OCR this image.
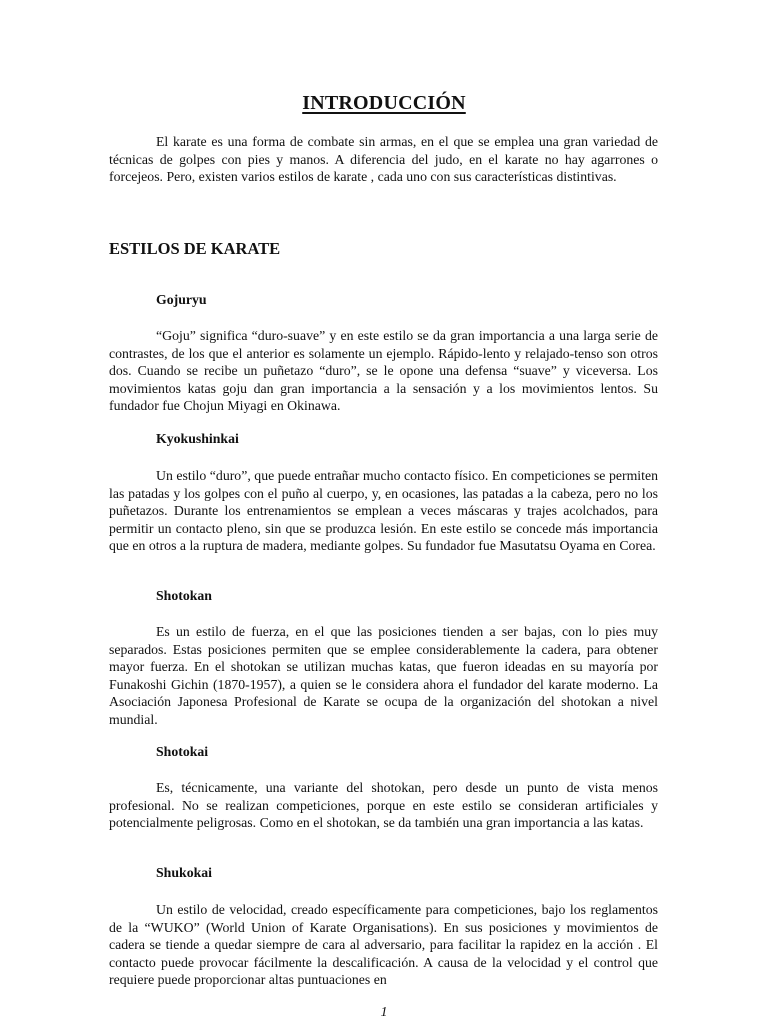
INTRODUCCIÓN

El karate es una forma de combate sin armas, en el que se emplea una gran variedad de técnicas de golpes con pies y manos. A diferencia del judo, en el karate no hay agarrones o forcejeos. Pero, existen varios estilos de karate , cada uno con sus características distintivas.

ESTILOS DE KARATE
Gojuryu

“Goju” significa “duro-suave” y en este estilo se da gran importancia a una larga serie de contrastes, de los que el anterior es solamente un ejemplo. Rápido-lento y relajado-tenso son otros dos. Cuando se recibe un puñetazo “duro”, se le opone una defensa “suave” y viceversa. Los movimientos katas goju dan gran importancia a la sensación y a los movimientos lentos. Su fundador fue Chojun Miyagi en Okinawa.

Kyokushinkai

Un estilo “duro”, que puede entrañar mucho contacto físico. En competiciones se permiten las patadas y los golpes con el puño al cuerpo, y, en ocasiones, las patadas a la cabeza, pero no los puñetazos. Durante los entrenamientos se emplean a veces máscaras y trajes acolchados, para permitir un contacto pleno, sin que se produzca lesión. En este estilo se concede más importancia que en otros a la ruptura de madera, mediante golpes. Su fundador fue Masutatsu Oyama en Corea.

Shotokan

Es un estilo de fuerza, en el que las posiciones tienden a ser bajas, con lo pies muy separados. Estas posiciones permiten que se emplee considerablemente la cadera, para obtener mayor fuerza. En el shotokan se utilizan muchas katas, que fueron ideadas en su mayoría por Funakoshi Gichin (1870-1957), a quien se le considera ahora el fundador del karate moderno. La Asociación Japonesa Profesional de Karate se ocupa de la organización del shotokan a nivel mundial.

Shotokai

Es, técnicamente, una variante del shotokan, pero desde un punto de vista menos profesional. No se realizan competiciones, porque en este estilo se consideran artificiales y potencialmente peligrosas. Como en el shotokan, se da también una gran importancia a las katas.

Shukokai

Un estilo de velocidad, creado específicamente para competiciones, bajo los reglamentos de la “WUKO” (World Union of Karate Organisations). En sus posiciones y movimientos de cadera se tiende a quedar siempre de cara al adversario, para facilitar la rapidez en la acción . El contacto puede provocar fácilmente la descalificación. A causa de la velocidad y el control que requiere puede proporcionar altas puntuaciones en

1
